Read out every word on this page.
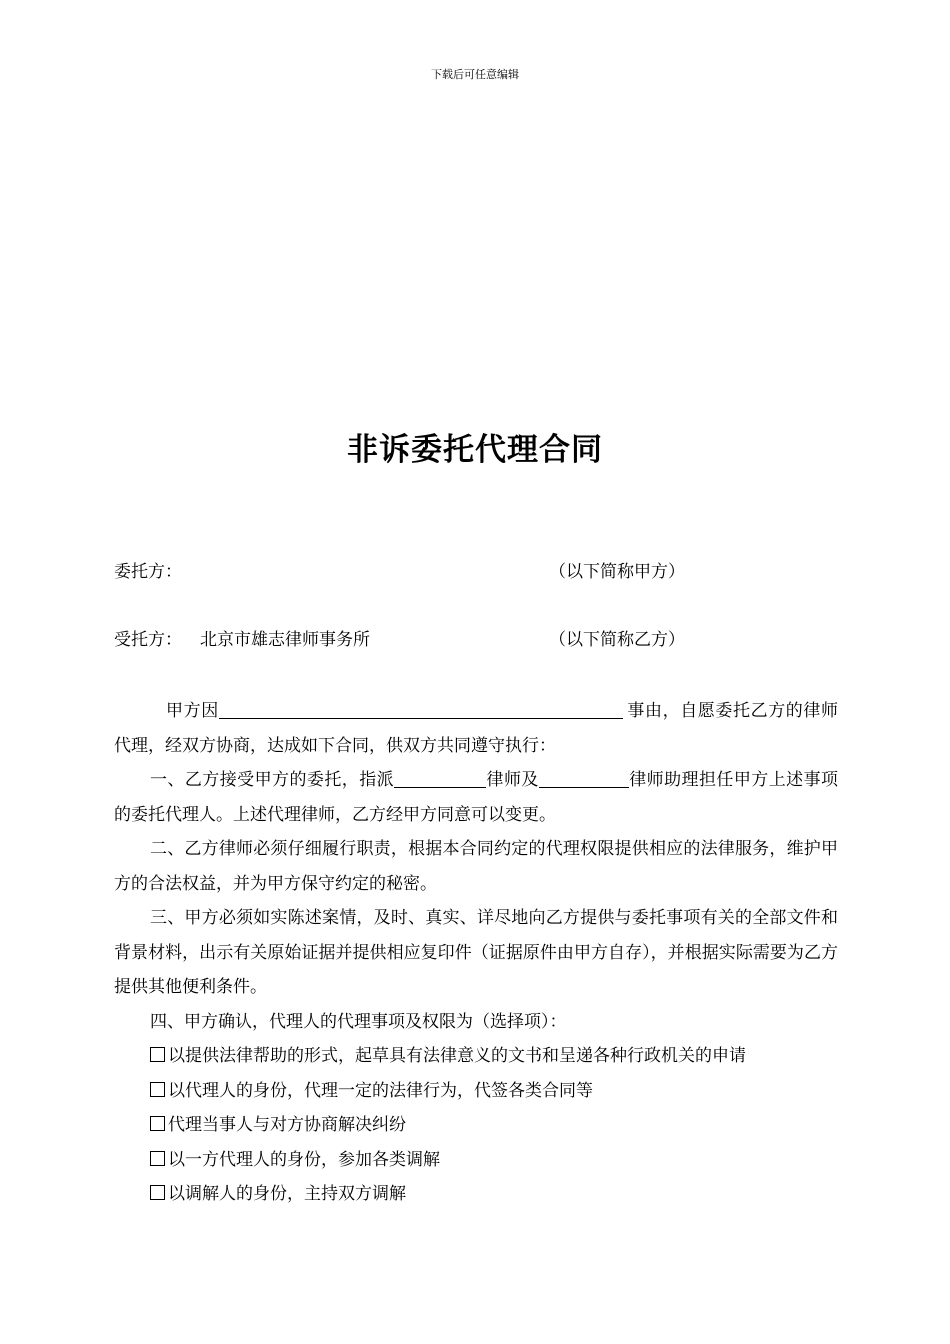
下载后可任意编辑
非诉委托代理合同
委托方：	（以下简称甲方）
受托方： 北京市雄志律师事务所	（以下简称乙方）

甲方因	事由，自愿委托乙方的律师代理，经双方协商，达成如下合同，供双方共同遵守执行：

一、乙方接受甲方的委托，指派	律师及	律师助理担任甲方上述事项的委托代理人。上述代理律师，乙方经甲方同意可以变更。

二、乙方律师必须仔细履行职责，根据本合同约定的代理权限提供相应的法律服务，维护甲方的合法权益，并为甲方保守约定的秘密。

三、甲方必须如实陈述案情，及时、真实、详尽地向乙方提供与委托事项有关的全部文件和背景材料，出示有关原始证据并提供相应复印件（证据原件由甲方自存），并根据实际需要为乙方提供其他便利条件。

四、甲方确认，代理人的代理事项及权限为（选择项）：

以提供法律帮助的形式，起草具有法律意义的文书和呈递各种行政机关的申请

以代理人的身份，代理一定的法律行为，代签各类合同等

代理当事人与对方协商解决纠纷

以一方代理人的身份，参加各类调解

以调解人的身份，主持双方调解
